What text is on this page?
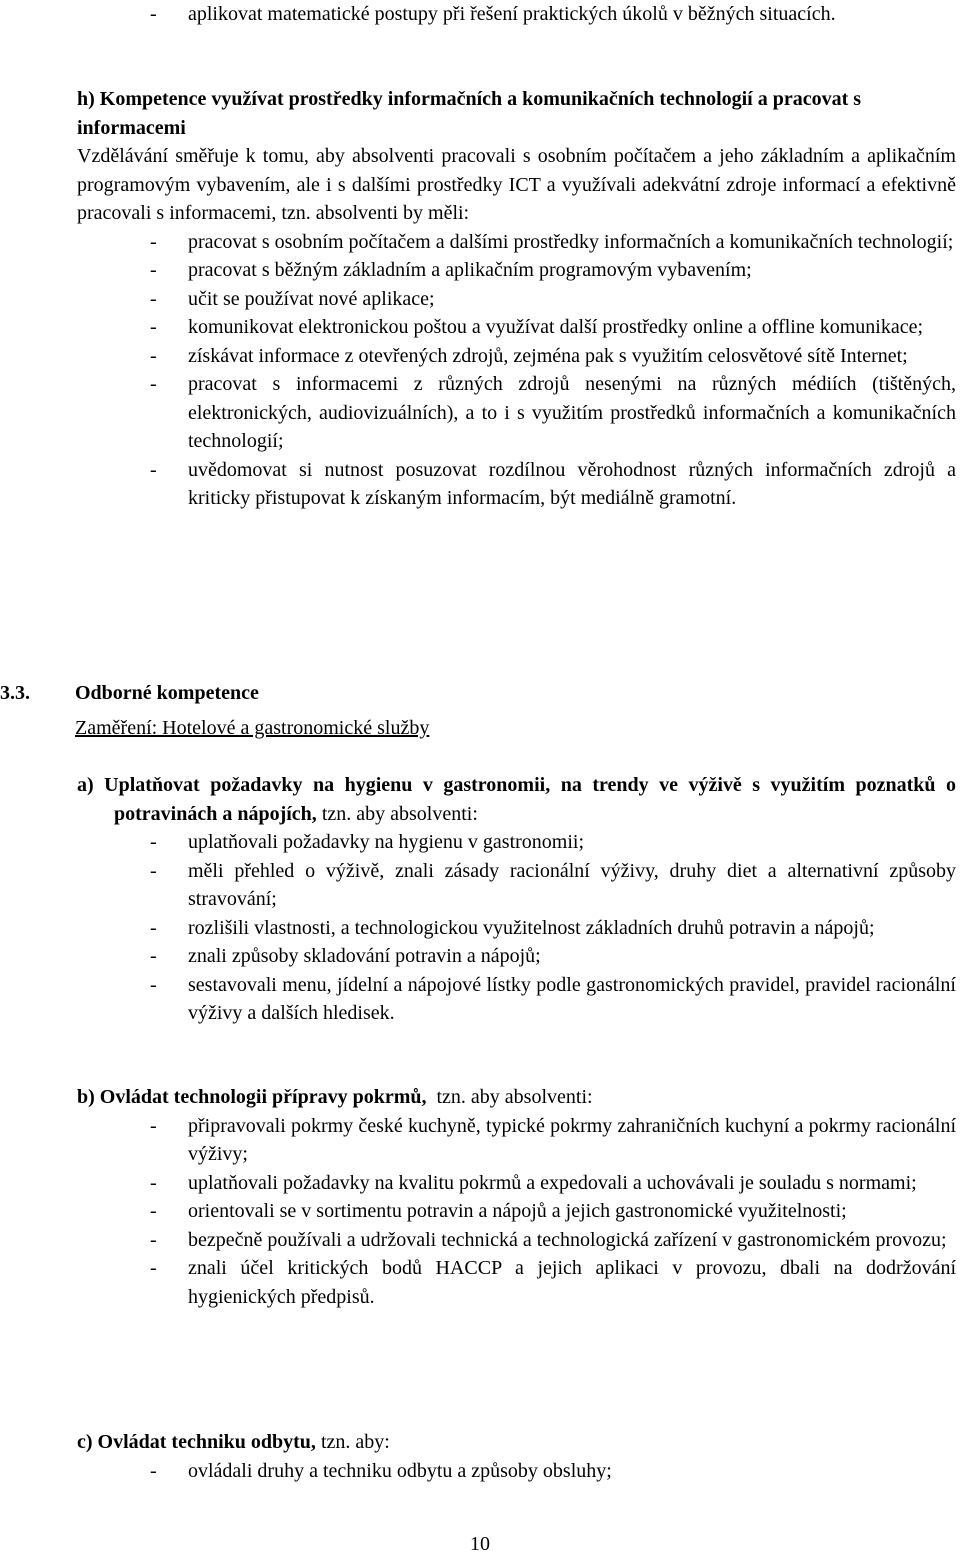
- aplikovat matematické postupy při řešení praktických úkolů v běžných situacích.
h) Kompetence využívat prostředky informačních a komunikačních technologií a pracovat s informacemi
Vzdělávání směřuje k tomu, aby absolventi pracovali s osobním počítačem a jeho základním a aplikačním programovým vybavením, ale i s dalšími prostředky ICT a využívali adekvátní zdroje informací a efektivně pracovali s informacemi, tzn. absolventi by měli:
- pracovat s osobním počítačem a dalšími prostředky informačních a komunikačních technologií;
- pracovat s běžným základním a aplikačním programovým vybavením;
- učit se používat nové aplikace;
- komunikovat elektronickou poštou a využívat další prostředky online a offline komunikace;
- získávat informace z otevřených zdrojů, zejména pak s využitím celosvětové sítě Internet;
- pracovat s informacemi z různých zdrojů nesenými na různých médiích (tištěných, elektronických, audiovizuálních), a to i s využitím prostředků informačních a komunikačních technologií;
- uvědomovat si nutnost posuzovat rozdílnou věrohodnost různých informačních zdrojů a kriticky přistupovat k získaným informacím, být mediálně gramotní.
3.3. Odborné kompetence
Zaměření: Hotelové a gastronomické služby
a) Uplatňovat požadavky na hygienu v gastronomii, na trendy ve výživě s využitím poznatků o potravinách a nápojích, tzn. aby absolventi:
- uplatňovali požadavky na hygienu v gastronomii;
- měli přehled o výživě, znali zásady racionální výživy, druhy diet a alternativní způsoby stravování;
- rozlišili vlastnosti, a technologickou využitelnost základních druhů potravin a nápojů;
- znali způsoby skladování potravin a nápojů;
- sestavovali menu, jídelní a nápojové lístky podle gastronomických pravidel, pravidel racionální výživy a dalších hledisek.
b) Ovládat technologii přípravy pokrmů,  tzn. aby absolventi:
- připravovali pokrmy české kuchyně, typické pokrmy zahraničních kuchyní a pokrmy racionální výživy;
- uplatňovali požadavky na kvalitu pokrmů a expedovali a uchovávali je souladu s normami;
- orientovali se v sortimentu potravin a nápojů a jejich gastronomické využitelnosti;
- bezpečně používali a udržovali technická a technologická zařízení v gastronomickém provozu;
- znali účel kritických bodů HACCP a jejich aplikaci v provozu, dbali na dodržování hygienických předpisů.
c) Ovládat techniku odbytu, tzn. aby:
- ovládali druhy a techniku odbytu a způsoby obsluhy;
10
